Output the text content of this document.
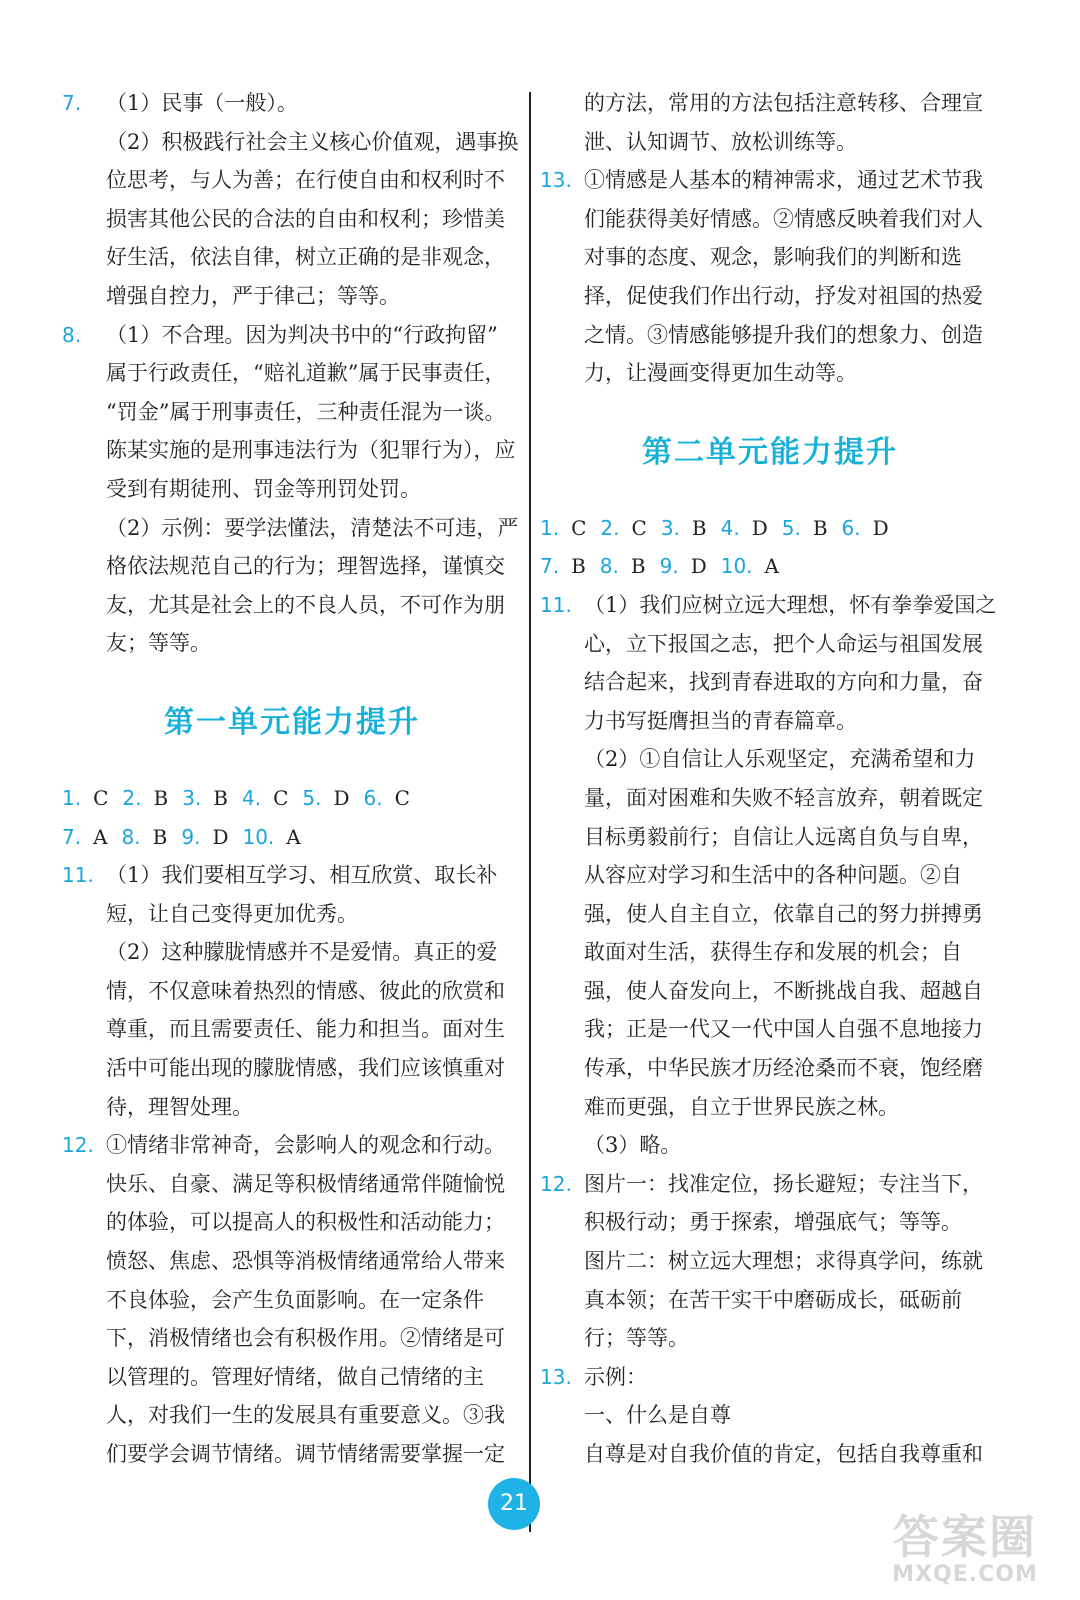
7. （1）民事（一般）。
（2）积极践行社会主义核心价值观，遇事换
位思考，与人为善；在行使自由和权利时不
损害其他公民的合法的自由和权利；珍惜美
好生活，依法自律，树立正确的是非观念，
增强自控力，严于律己；等等。
8. （1）不合理。因为判决书中的“行政拘留”
属于行政责任，“赔礼道歉”属于民事责任，
“罚金”属于刑事责任，三种责任混为一谈。
陈某实施的是刑事违法行为（犯罪行为），应
受到有期徒刑、罚金等刑罚处罚。
（2）示例：要学法懂法，清楚法不可违，严
格依法规范自己的行为；理智选择，谨慎交
友，尤其是社会上的不良人员，不可作为朋
友；等等。
第一单元能力提升
1. C 2. B 3. B 4. C 5. D 6. C
7. A 8. B 9. D 10. A
11. （1）我们要相互学习、相互欣赏、取长补
短，让自己变得更加优秀。
（2）这种朦胧情感并不是爱情。真正的爱
情，不仅意味着热烈的情感、彼此的欣赏和
尊重，而且需要责任、能力和担当。面对生
活中可能出现的朦胧情感，我们应该慎重对
待，理智处理。
12. ①情绪非常神奇，会影响人的观念和行动。
快乐、自豪、满足等积极情绪通常伴随愉悦
的体验，可以提高人的积极性和活动能力；
愤怒、焦虑、恐惧等消极情绪通常给人带来
不良体验，会产生负面影响。在一定条件
下，消极情绪也会有积极作用。②情绪是可
以管理的。管理好情绪，做自己情绪的主
人，对我们一生的发展具有重要意义。③我
们要学会调节情绪。调节情绪需要掌握一定
的方法，常用的方法包括注意转移、合理宣
泄、认知调节、放松训练等。
13. ①情感是人基本的精神需求，通过艺术节我
们能获得美好情感。②情感反映着我们对人
对事的态度、观念，影响我们的判断和选
择，促使我们作出行动，抒发对祖国的热爱
之情。③情感能够提升我们的想象力、创造
力，让漫画变得更加生动等。
第二单元能力提升
1. C 2. C 3. B 4. D 5. B 6. D
7. B 8. B 9. D 10. A
11. （1）我们应树立远大理想，怀有拳拳爱国之
心，立下报国之志，把个人命运与祖国发展
结合起来，找到青春进取的方向和力量，奋
力书写挺膺担当的青春篇章。
（2）①自信让人乐观坚定，充满希望和力
量，面对困难和失败不轻言放弃，朝着既定
目标勇毅前行；自信让人远离自负与自卑，
从容应对学习和生活中的各种问题。②自
强，使人自主自立，依靠自己的努力拼搏勇
敢面对生活，获得生存和发展的机会；自
强，使人奋发向上，不断挑战自我、超越自
我；正是一代又一代中国人自强不息地接力
传承，中华民族才历经沧桑而不衰，饱经磨
难而更强，自立于世界民族之林。
（3）略。
12. 图片一：找准定位，扬长避短；专注当下，
积极行动；勇于探索，增强底气；等等。
图片二：树立远大理想；求得真学问，练就
真本领；在苦干实干中磨砺成长，砥砺前
行；等等。
13. 示例：
一、什么是自尊
自尊是对自我价值的肯定，包括自我尊重和
21
答案圈
MXQE.COM
